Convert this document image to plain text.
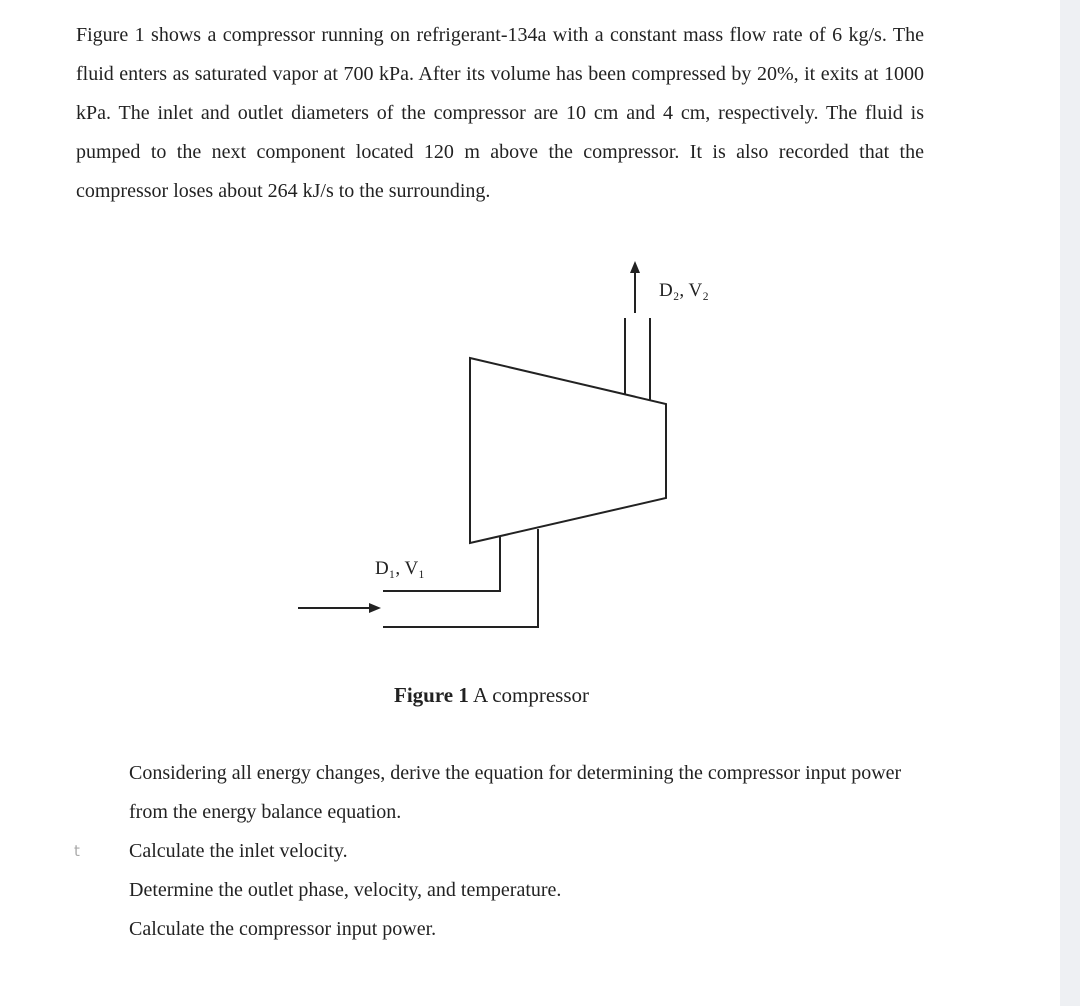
Figure 1 shows a compressor running on refrigerant-134a with a constant mass flow rate of 6 kg/s. The fluid enters as saturated vapor at 700 kPa. After its volume has been compressed by 20%, it exits at 1000 kPa. The inlet and outlet diameters of the compressor are 10 cm and 4 cm, respectively. The fluid is pumped to the next component located 120 m above the compressor. It is also recorded that the compressor loses about 264 kJ/s to the surrounding.

D₂, V₂
D₁, V₁
Figure 1 A compressor
t
Considering all energy changes, derive the equation for determining the compressor input power from the energy balance equation.
Calculate the inlet velocity.
Determine the outlet phase, velocity, and temperature.
Calculate the compressor input power.
